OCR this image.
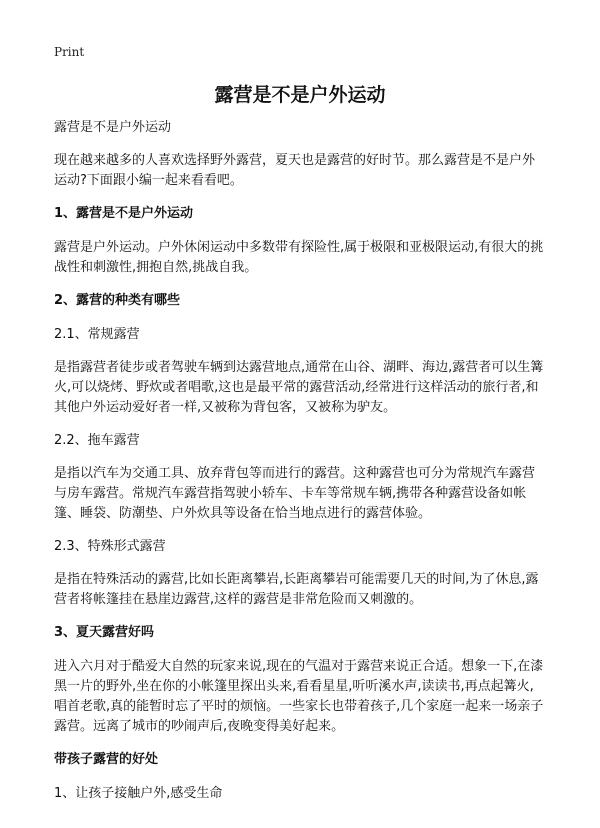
Print
露营是不是户外运动

露营是不是户外运动

现在越来越多的人喜欢选择野外露营，夏天也是露营的好时节。那么露营是不是户外运动?下面跟小编一起来看看吧。

1、露营是不是户外运动

露营是户外运动。户外休闲运动中多数带有探险性,属于极限和亚极限运动,有很大的挑战性和刺激性,拥抱自然,挑战自我。

2、露营的种类有哪些

2.1、常规露营

是指露营者徒步或者驾驶车辆到达露营地点,通常在山谷、湖畔、海边,露营者可以生篝火,可以烧烤、野炊或者唱歌,这也是最平常的露营活动,经常进行这样活动的旅行者,和其他户外运动爱好者一样,又被称为背包客，又被称为驴友。

2.2、拖车露营

是指以汽车为交通工具、放弃背包等而进行的露营。这种露营也可分为常规汽车露营与房车露营。常规汽车露营指驾驶小轿车、卡车等常规车辆,携带各种露营设备如帐篷、睡袋、防潮垫、户外炊具等设备在恰当地点进行的露营体验。

2.3、特殊形式露营

是指在特殊活动的露营,比如长距离攀岩,长距离攀岩可能需要几天的时间,为了休息,露营者将帐篷挂在悬崖边露营,这样的露营是非常危险而又刺激的。

3、夏天露营好吗

进入六月对于酷爱大自然的玩家来说,现在的气温对于露营来说正合适。想象一下,在漆黑一片的野外,坐在你的小帐篷里探出头来,看看星星,听听溪水声,读读书,再点起篝火,唱首老歌,真的能暂时忘了平时的烦恼。一些家长也带着孩子,几个家庭一起来一场亲子露营。远离了城市的吵闹声后,夜晚变得美好起来。

带孩子露营的好处

1、让孩子接触户外,感受生命
